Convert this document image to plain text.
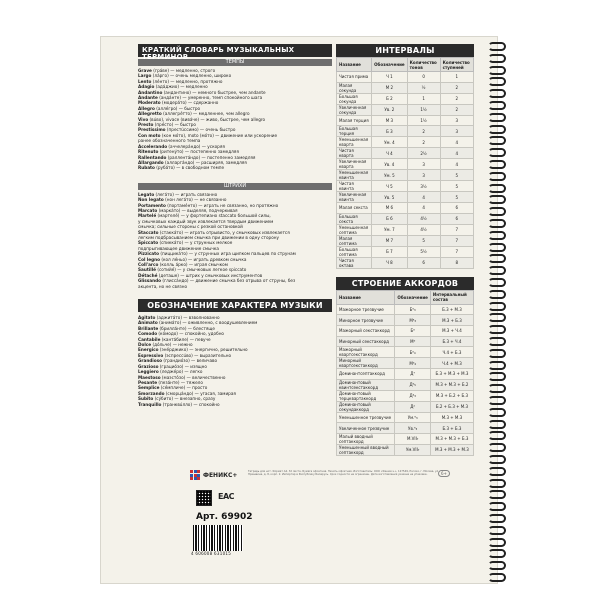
КРАТКИЙ СЛОВАРЬ МУЗЫКАЛЬНЫХ ТЕРМИНОВ
ТЕМПЫ
Grave (грáве) — медленно, строго
Largo (лáрго) — очень медленно, широко
Lento (лéнто) — медленно, протяжно
Adagio (адáджио) — медленно
Andantino (андантино) — немного быстрее, чем andante
Andante (андáнте) — умеренно, темп спокойного шага
Moderato (модерáто) — сдержанно
Allegro (аллéгро) — быстро
Allegretto (аллегрéтто) — медленнее, чем allegro
Vivo (вúво), vivace (вивáче) — живо, быстрее, чем allegro
Presto (прéсто) — быстро
Prestissimo (престúссимо) — очень быстро
Con moto (кон мóто), moto (мóто) — движение или ускорение
ранее обозначенного темпа
Accelerando (аччелерáндо) — ускоряя
Ritenuto (ритенýто) — постепенно замедляя
Rallentando (раллентáндо) — постепенно замедляя
Allargando (алларгáндо) — расширяя, замедляя
Rubato (рубáто) — в свободном темпе
ШТРИХИ
Legato (легáто) — играть связанно
Non legato (нон легáто) — не связанно
Portamento (портамéнто) — играть не связанно, но протяжно
Marcato (маркáто) — выделяя, подчеркивая
Martelé (мартелé) — у фортепиано staccato большой силы,
у смычковых каждый звук извлекается твердым движением
смычка; сильные стороны с резкой остановкой
Staccato (стаккáто) — играть отрывисто, у смычковых извлекается
легким подбрасыванием смычка при движении в одну сторону
Spiccato (спиккáто) — у струнных мелкое
подпрыгивающее движение смычка
Pizzicato (пиццикáто) — у струнных игра щипком пальцев по струнам
Col legno (кол лéньо) — играть древком смычка
Coll'arco (колль áрко) — играя смычком
Sautillé (сотийé) — у смычковых легкое spiccato
Détaché (деташе) — штрих у смычковых инструментов
Glissando (глиссáндо) — движение смычка без отрыва от струны, без
акцента, но не связно
ОБОЗНАЧЕНИЕ ХАРАКТЕРА МУЗЫКИ
Agitato (аджитáто) — взволнованно
Animato (анимáто) — оживленно, с воодушевлением
Brillante (бриллáнте) — блестяще
Comodo (кóмодо) — спокойно, удобно
Cantabile (кантáбиле) — певуче
Dolce (дóльче) — нежно
Energico (энéрджико) — энергично, решительно
Espressivo (эспрессúво) — выразительно
Grandioso (грандиóзо) — величаво
Grazioso (грациóзо) — изящно
Leggiero (леджéро) — легко
Maestoso (маэстóзо) — величественно
Pesante (пезáнте) — тяжело
Semplice (сéмпличе) — просто
Smorzando (сморцáндо) — угасая, замирая
Subito (сýбито) — внезапно, сразу
Tranquillo (транквúлло) — спокойно
ИНТЕРВАЛЫ
Название	Обозначение	Количество тонов	Количество ступеней
Чистая прима	Ч 1	0	1
Малая секунда	М 2	½	2
Большая секунда	Б 2	1	2
Увеличенная секунда	Ув. 2	1½	2
Малая терция	М 3	1½	3
Большая терция	Б 3	2	3
Уменьшенная кварта	Ум. 4	2	4
Чистая кварта	Ч 4	2½	4
Увеличенная кварта	Ув. 4	3	4
Уменьшенная квинта	Ум. 5	3	5
Чистая квинта	Ч 5	3½	5
Увеличенная квинта	Ув. 5	4	5
Малая секста	М 6	4	6
Большая секста	Б 6	4½	6
Уменьшенная септима	Ум. 7	4½	7
Малая септима	М 7	5	7
Большая септима	Б 7	5½	7
Чистая октава	Ч 8	6	8
СТРОЕНИЕ АККОРДОВ
Название	Обозначение	Интервальный состав
Мажорное трезвучие	Б⁵₃	Б.3 + М.3
Минорное трезвучие	М⁵₃	М.3 + Б.3
Мажорный секстаккорд	Б⁶	М.3 + Ч.4
Минорный секстаккорд	М⁶	Б.3 + Ч.4
Мажорный квартсекстаккорд	Б⁶₄	Ч.4 + Б.3
Минорный квартсекстаккорд	М⁶₄	Ч.4 + М.3
Доминантсептаккорд	Д⁷	Б.3 + М.3 + М.3
Доминантовый квинтсекстаккорд	Д⁶₅	М.3 + М.3 + Б.2
Доминантовый терцквартаккорд	Д⁴₃	М.3 + Б.2 + Б.3
Доминантовый секундаккорд	Д²	Б.2 + Б.3 + М.3
Уменьшенное трезвучие	Ум.⁵₃	М.3 + М.3
Увеличенное трезвучие	Ув.⁵₃	Б.3 + Б.3
Малый вводный септаккорд	М.VII₇	М.3 + М.3 + Б.3
Уменьшенный вводный септаккорд	Ум.VII₇	М.3 + М.3 + М.3
ФЕНИКС+
EAC
Арт. 69902
4 606008 631015
Тетрадь для нот. Формат А4. 32 листа. Бумага офсетная. Печать офсетная. Изготовитель: ООО «Феникс+», 127549, Россия, г. Москва, ул. Пришвина, д. 8, корп. 2. Импортер в Республику Беларусь. Срок годности не ограничен. Дата изготовления указана на упаковке.	6+
